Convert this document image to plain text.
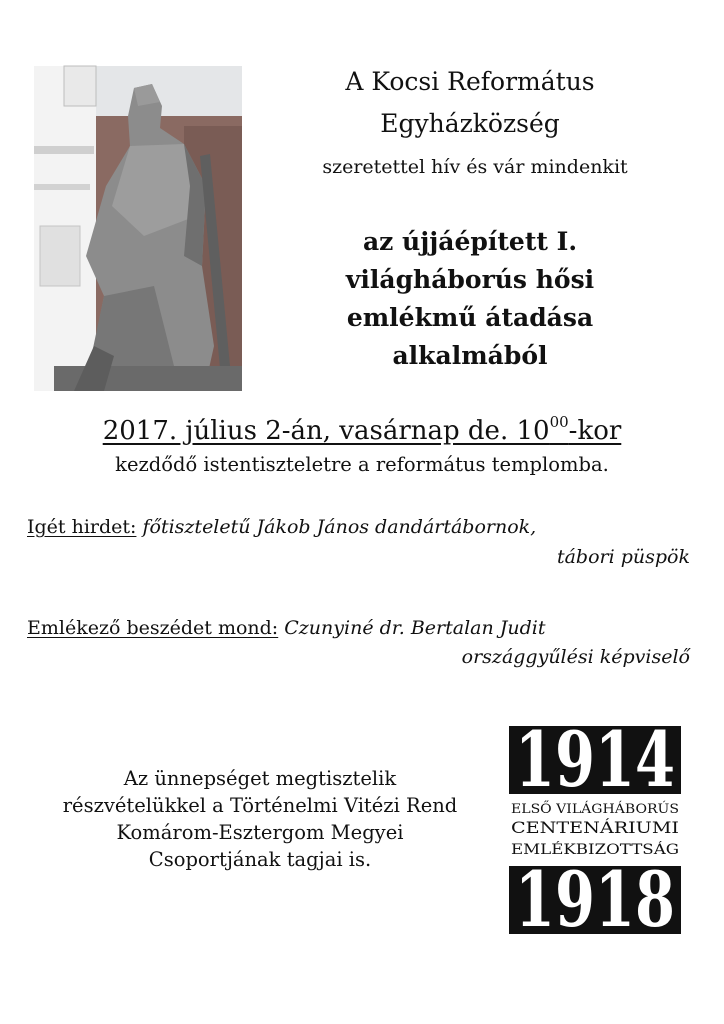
A Kocsi Református
Egyházközség
szeretettel hív és vár mindenkit
az újjáépített I.
világháborús hősi
emlékmű átadása
alkalmából
2017. július 2-án, vasárnap de. $10^{00}$-kor
kezdődő istentiszteletre a református templomba.
Igét hirdet: főtiszteletű Jákob János dandártábornok,
tábori püspök
Emlékező beszédet mond: Czunyiné dr. Bertalan Judit
országgyűlési képviselő
Az ünnepséget megtisztelik
részvételükkel a Történelmi Vitézi Rend
Komárom-Esztergom Megyei
Csoportjának tagjai is.
1914
ELSŐ VILÁGHÁBORÚS
CENTENÁRIUMI
EMLÉKBIZOTTSÁG
1918
